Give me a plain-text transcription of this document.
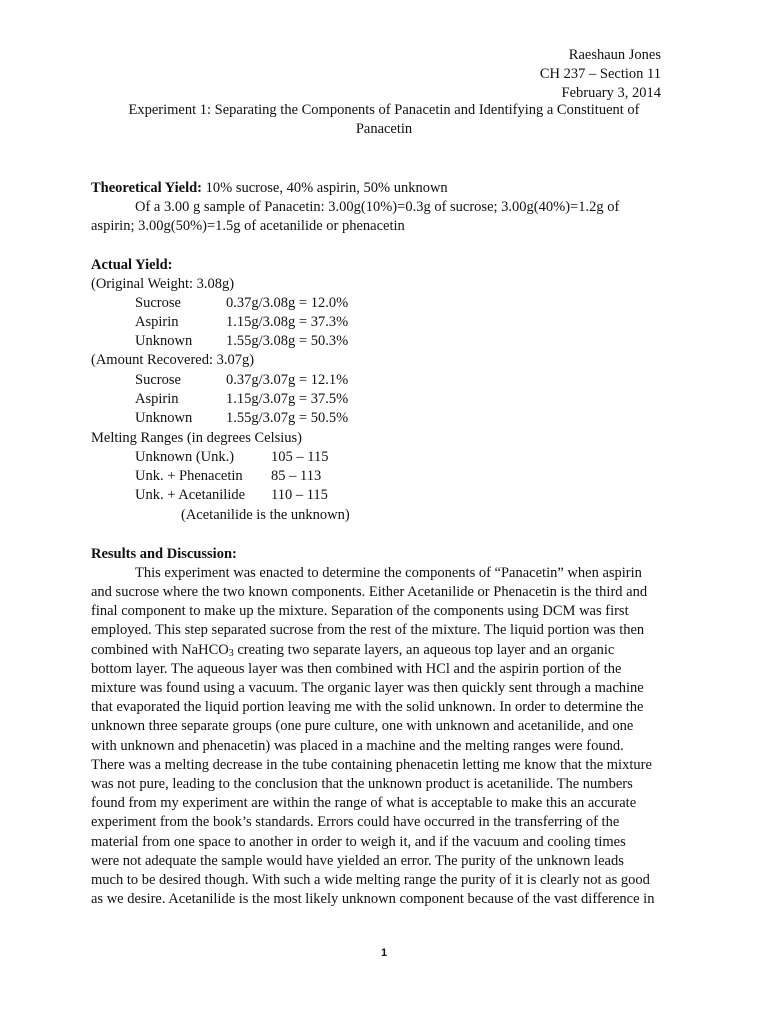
Raeshaun Jones
CH 237 – Section 11
February 3, 2014
Experiment 1: Separating the Components of Panacetin and Identifying a Constituent of
Panacetin
Theoretical Yield: 10% sucrose, 40% aspirin, 50% unknown
Of a 3.00 g sample of Panacetin: 3.00g(10%)=0.3g of sucrose; 3.00g(40%)=1.2g of
aspirin; 3.00g(50%)=1.5g of acetanilide or phenacetin
Actual Yield:
(Original Weight: 3.08g)
Sucrose	0.37g/3.08g = 12.0%
Aspirin	1.15g/3.08g = 37.3%
Unknown 1.55g/3.08g = 50.3%
(Amount Recovered: 3.07g)
Sucrose	0.37g/3.07g = 12.1%
Aspirin	1.15g/3.07g = 37.5%
Unknown 1.55g/3.07g = 50.5%
Melting Ranges (in degrees Celsius)
Unknown (Unk.)	105 – 115
Unk. + Phenacetin 85 – 113
Unk. + Acetanilide 110 – 115
(Acetanilide is the unknown)
Results and Discussion:
This experiment was enacted to determine the components of “Panacetin” when aspirin
and sucrose where the two known components. Either Acetanilide or Phenacetin is the third and
final component to make up the mixture. Separation of the components using DCM was first
employed. This step separated sucrose from the rest of the mixture. The liquid portion was then
combined with NaHCO$_3$ creating two separate layers, an aqueous top layer and an organic
bottom layer. The aqueous layer was then combined with HCl and the aspirin portion of the
mixture was found using a vacuum. The organic layer was then quickly sent through a machine
that evaporated the liquid portion leaving me with the solid unknown. In order to determine the
unknown three separate groups (one pure culture, one with unknown and acetanilide, and one
with unknown and phenacetin) was placed in a machine and the melting ranges were found.
There was a melting decrease in the tube containing phenacetin letting me know that the mixture
was not pure, leading to the conclusion that the unknown product is acetanilide. The numbers
found from my experiment are within the range of what is acceptable to make this an accurate
experiment from the book’s standards. Errors could have occurred in the transferring of the
material from one space to another in order to weigh it, and if the vacuum and cooling times
were not adequate the sample would have yielded an error. The purity of the unknown leads
much to be desired though. With such a wide melting range the purity of it is clearly not as good
as we desire. Acetanilide is the most likely unknown component because of the vast difference in
1
